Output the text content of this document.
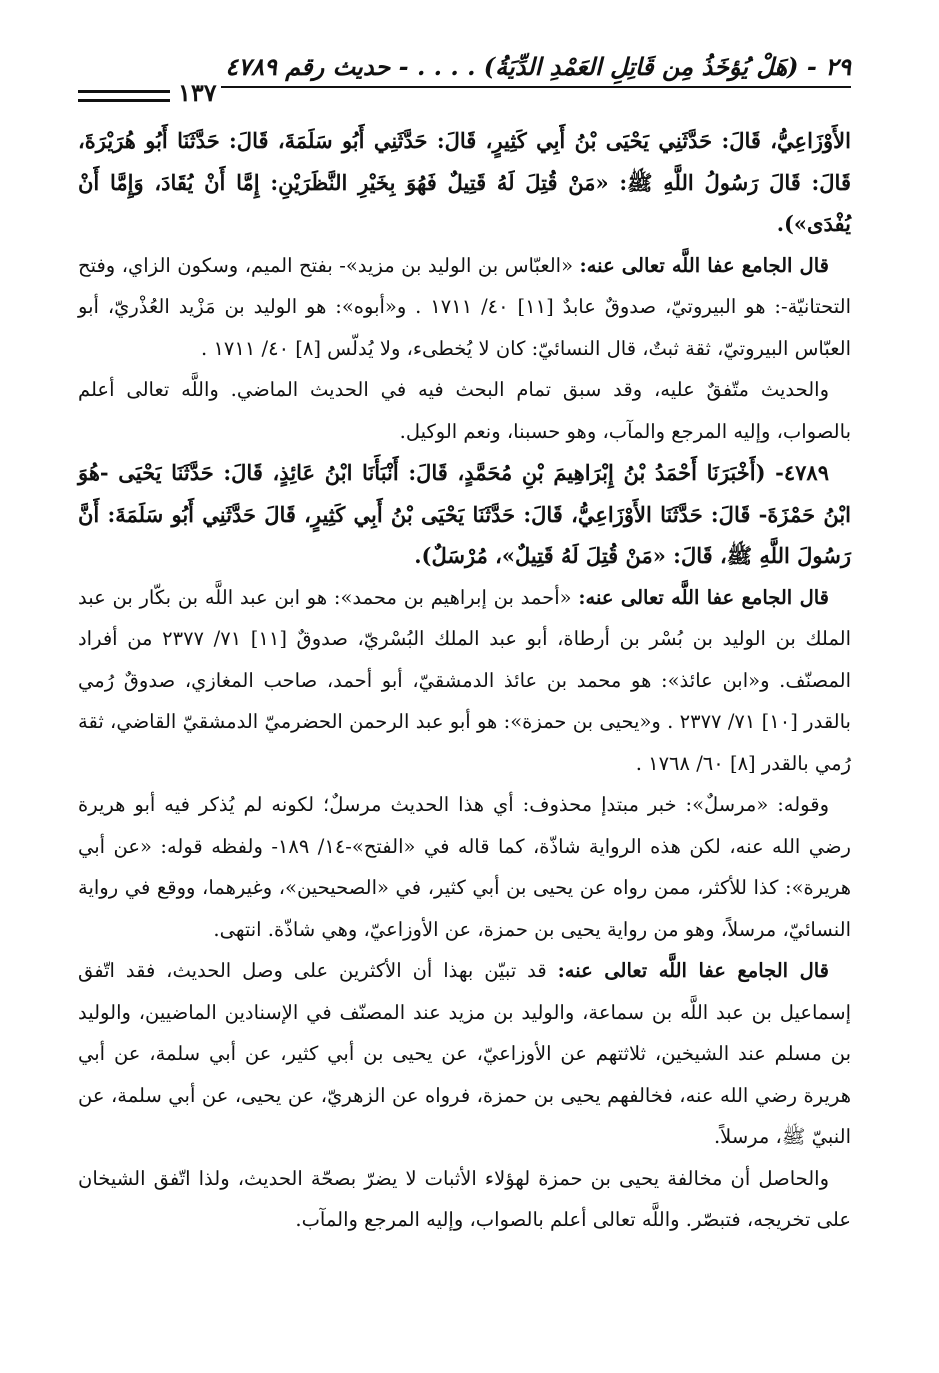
٢٩ - (هَلْ يُؤخَذُ مِن قَاتِلِ العَمْدِ الدِّيَةُ) . . . . - حديث رقم ٤٧٨٩
١٣٧

الأَوْزَاعِيُّ، قَالَ: حَدَّثَنِي يَحْيَى بْنُ أَبِي كَثِيرٍ، قَالَ: حَدَّثَنِي أَبُو سَلَمَةَ، قَالَ: حَدَّثَنَا أَبُو هُرَيْرَةَ، قَالَ: قَالَ رَسُولُ اللَّهِ ﷺ: «مَنْ قُتِلَ لَهُ قَتِيلٌ فَهُوَ بِخَيْرِ النَّظَرَيْنِ: إِمَّا أَنْ يُقَادَ، وَإِمَّا أَنْ يُفْدَى»).

قال الجامع عفا اللَّه تعالى عنه: «العبّاس بن الوليد بن مزيد»- بفتح الميم، وسكون الزاي، وفتح التحتانيّة-: هو البيروتيّ، صدوقٌ عابدٌ [١١] ٤٠/ ١٧١١ . و«أبوه»: هو الوليد بن مَزْيد العُذْريّ، أبو العبّاس البيروتيّ، ثقة ثبتٌ، قال النسائيّ: كان لا يُخطىء، ولا يُدلّس [٨] ٤٠/ ١٧١١ .

والحديث متّفقٌ عليه، وقد سبق تمام البحث فيه في الحديث الماضي. واللَّه تعالى أعلم بالصواب، وإليه المرجع والمآب، وهو حسبنا، ونعم الوكيل.

٤٧٨٩- (أَخْبَرَنَا أَحْمَدُ بْنُ إِبْرَاهِيمَ بْنِ مُحَمَّدٍ، قَالَ: أَنْبَأَنَا ابْنُ عَائِذٍ، قَالَ: حَدَّثَنَا يَحْيَى -هُوَ ابْنُ حَمْزَةَ- قَالَ: حَدَّثَنَا الأَوْزَاعِيُّ، قَالَ: حَدَّثَنَا يَحْيَى بْنُ أَبِي كَثِيرٍ، قَالَ حَدَّثَنِي أَبُو سَلَمَةَ: أَنَّ رَسُولَ اللَّهِ ﷺ، قَالَ: «مَنْ قُتِلَ لَهُ قَتِيلٌ»، مُرْسَلٌ).

قال الجامع عفا اللَّه تعالى عنه: «أحمد بن إبراهيم بن محمد»: هو ابن عبد اللَّه بن بكّار بن عبد الملك بن الوليد بن بُسْر بن أرطاة، أبو عبد الملك البُسْريّ، صدوقٌ [١١] ٧١/ ٢٣٧٧ من أفراد المصنّف. و«ابن عائذ»: هو محمد بن عائذ الدمشقيّ، أبو أحمد، صاحب المغازي، صدوقٌ رُمي بالقدر [١٠] ٧١/ ٢٣٧٧ . و«يحيى بن حمزة»: هو أبو عبد الرحمن الحضرميّ الدمشقيّ القاضي، ثقة رُمي بالقدر [٨] ٦٠/ ١٧٦٨ .

وقوله: «مرسلٌ»: خبر مبتدإ محذوف: أي هذا الحديث مرسلٌ؛ لكونه لم يُذكر فيه أبو هريرة رضي الله عنه، لكن هذه الرواية شاذّة، كما قاله في «الفتح»-١٤/ ١٨٩- ولفظه قوله: «عن أبي هريرة»: كذا للأكثر، ممن رواه عن يحيى بن أبي كثير، في «الصحيحين»، وغيرهما، ووقع في رواية النسائيّ، مرسلاً، وهو من رواية يحيى بن حمزة، عن الأوزاعيّ، وهي شاذّة. انتهى.

قال الجامع عفا اللَّه تعالى عنه: قد تبيّن بهذا أن الأكثرين على وصل الحديث، فقد اتّفق إسماعيل بن عبد اللَّه بن سماعة، والوليد بن مزيد عند المصنّف في الإسنادين الماضيين، والوليد بن مسلم عند الشيخين، ثلاثتهم عن الأوزاعيّ، عن يحيى بن أبي كثير، عن أبي سلمة، عن أبي هريرة رضي الله عنه، فخالفهم يحيى بن حمزة، فرواه عن الزهريّ، عن يحيى، عن أبي سلمة، عن النبيّ ﷺ، مرسلاً.

والحاصل أن مخالفة يحيى بن حمزة لهؤلاء الأثبات لا يضرّ بصحّة الحديث، ولذا اتّفق الشيخان على تخريجه، فتبصّر. واللَّه تعالى أعلم بالصواب، وإليه المرجع والمآب.
